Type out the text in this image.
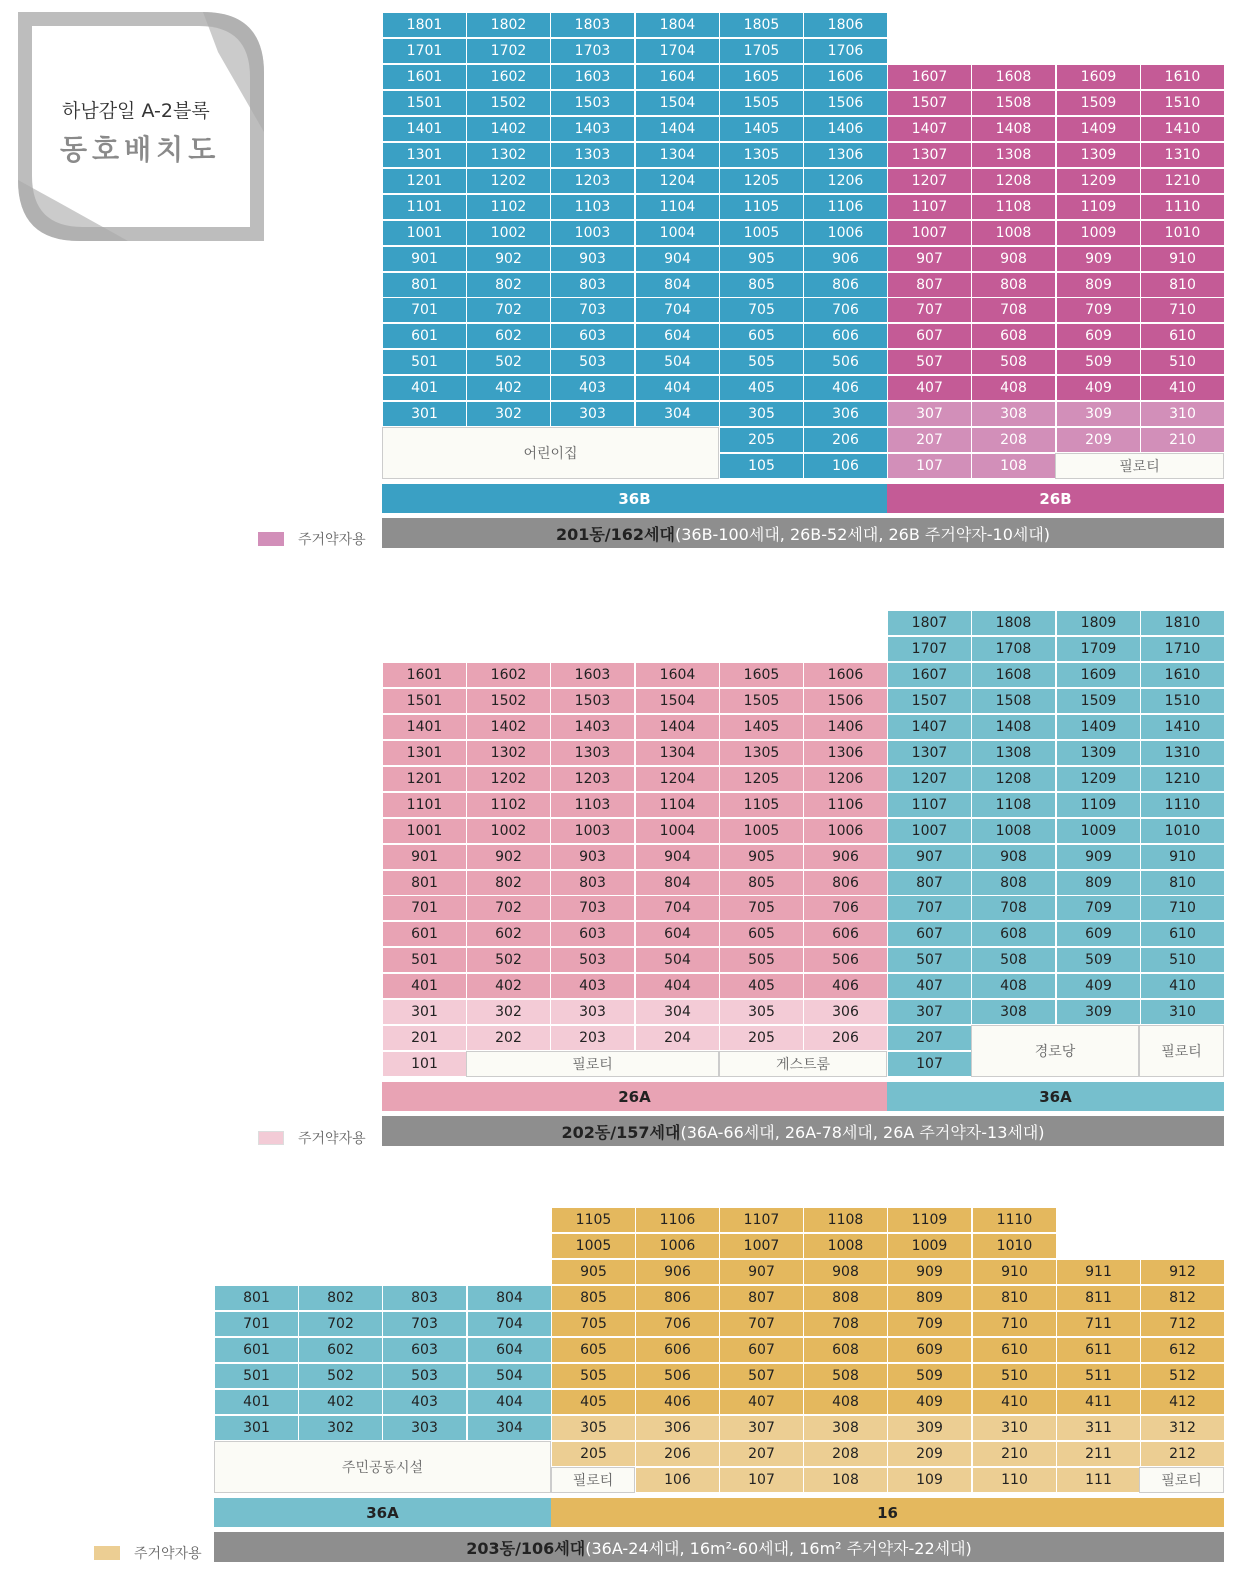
하남감일 A-2블록
동호배치도
1801	1802	1803	1804	1805	1806
1701	1702	1703	1704	1705	1706
1601	1602	1603	1604	1605	1606	1607	1608	1609	1610
1501	1502	1503	1504	1505	1506	1507	1508	1509	1510
1401	1402	1403	1404	1405	1406	1407	1408	1409	1410
1301	1302	1303	1304	1305	1306	1307	1308	1309	1310
1201	1202	1203	1204	1205	1206	1207	1208	1209	1210
1101	1102	1103	1104	1105	1106	1107	1108	1109	1110
1001	1002	1003	1004	1005	1006	1007	1008	1009	1010
901	902	903	904	905	906	907	908	909	910
801	802	803	804	805	806	807	808	809	810
701	702	703	704	705	706	707	708	709	710
601	602	603	604	605	606	607	608	609	610
501	502	503	504	505	506	507	508	509	510
401	402	403	404	405	406	407	408	409	410
301	302	303	304	305	306	307	308	309	310
205	206	207	208	209	210
105	106	107	108
1807	1808	1809	1810
1707	1708	1709	1710
1601	1602	1603	1604	1605	1606	1607	1608	1609	1610
1501	1502	1503	1504	1505	1506	1507	1508	1509	1510
1401	1402	1403	1404	1405	1406	1407	1408	1409	1410
1301	1302	1303	1304	1305	1306	1307	1308	1309	1310
1201	1202	1203	1204	1205	1206	1207	1208	1209	1210
1101	1102	1103	1104	1105	1106	1107	1108	1109	1110
1001	1002	1003	1004	1005	1006	1007	1008	1009	1010
901	902	903	904	905	906	907	908	909	910
801	802	803	804	805	806	807	808	809	810
701	702	703	704	705	706	707	708	709	710
601	602	603	604	605	606	607	608	609	610
501	502	503	504	505	506	507	508	509	510
401	402	403	404	405	406	407	408	409	410
301	302	303	304	305	306	307	308	309	310
201	202	203	204	205	206	207
101	107
1105	1106	1107	1108	1109	1110
1005	1006	1007	1008	1009	1010
905	906	907	908	909	910	911	912
801	802	803	804	805	806	807	808	809	810	811	812
701	702	703	704	705	706	707	708	709	710	711	712
601	602	603	604	605	606	607	608	609	610	611	612
501	502	503	504	505	506	507	508	509	510	511	512
401	402	403	404	405	406	407	408	409	410	411	412
301	302	303	304	305	306	307	308	309	310	311	312
205	206	207	208	209	210	211	212
106	107	108	109	110	111
어린이집
필로티
36B	26B
201동/162세대 (36B-100세대, 26B-52세대, 26B 주거약자-10세대)
주거약자용
필로티	게스트룸
경로당	필로티
26A	36A
202동/157세대 (36A-66세대, 26A-78세대, 26A 주거약자-13세대)
주거약자용
주민공동시설
필로티	필로티
36A	16
203동/106세대 (36A-24세대, 16m²-60세대, 16m² 주거약자-22세대)
주거약자용
